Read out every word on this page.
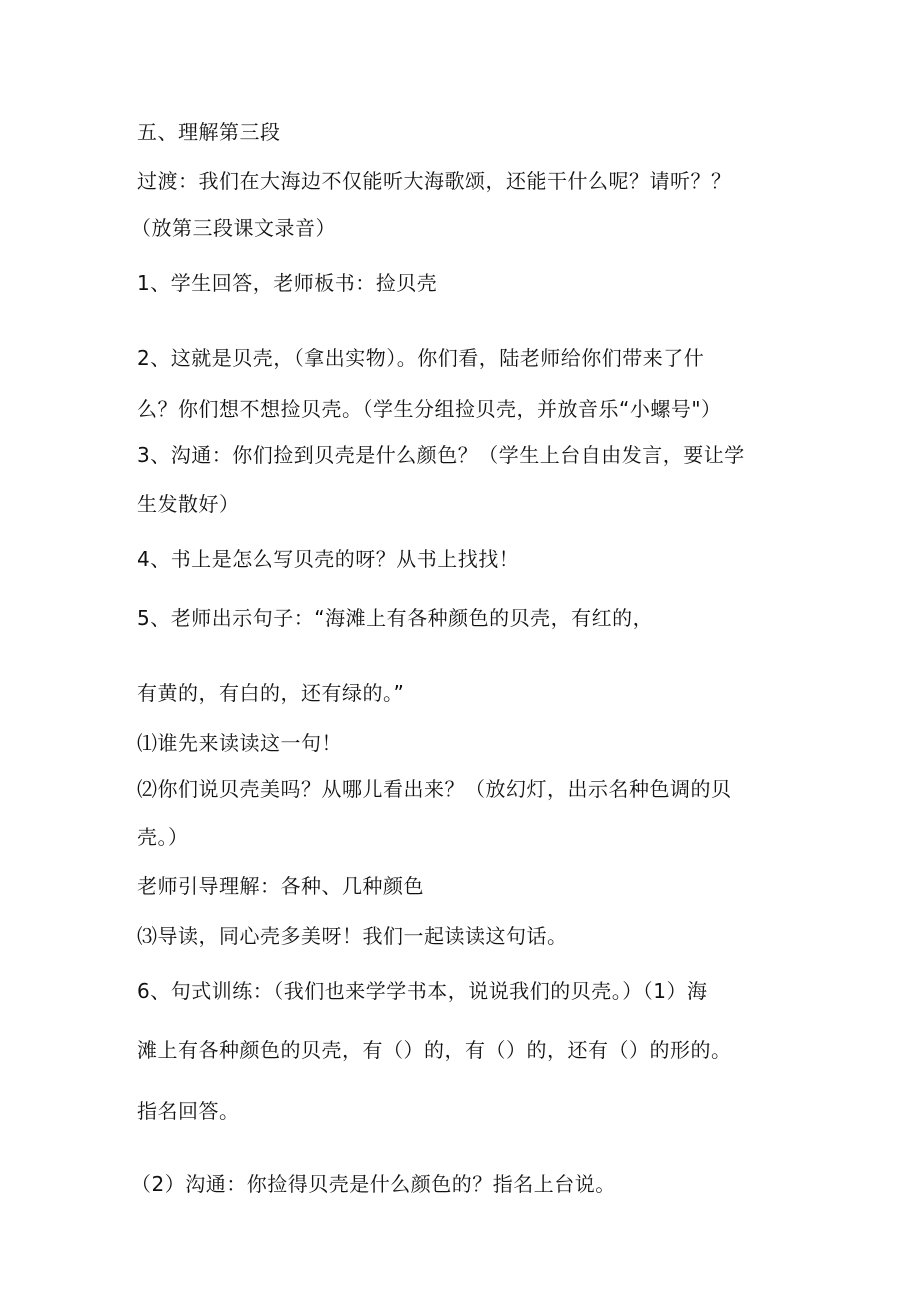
五、理解第三段
过渡：我们在大海边不仅能听大海歌颂，还能干什么呢？请听？？
（放第三段课文录音）
1、学生回答，老师板书：捡贝壳
2、这就是贝壳，（拿出实物）。你们看，陆老师给你们带来了什
么？你们想不想捡贝壳。（学生分组捡贝壳，并放音乐“小螺号"）
3、沟通：你们捡到贝壳是什么颜色？（学生上台自由发言，要让学
生发散好）
4、书上是怎么写贝壳的呀？从书上找找！
5、老师出示句子：“海滩上有各种颜色的贝壳，有红的，
有黄的，有白的，还有绿的。”
⑴谁先来读读这一句！
⑵你们说贝壳美吗？从哪儿看出来？（放幻灯，出示名种色调的贝
壳。）
老师引导理解：各种、几种颜色
⑶导读，同心壳多美呀！我们一起读读这句话。
6、句式训练：（我们也来学学书本，说说我们的贝壳。）（1）海
滩上有各种颜色的贝壳，有（）的，有（）的，还有（）的形的。
指名回答。
（2）沟通：你捡得贝壳是什么颜色的？指名上台说。
